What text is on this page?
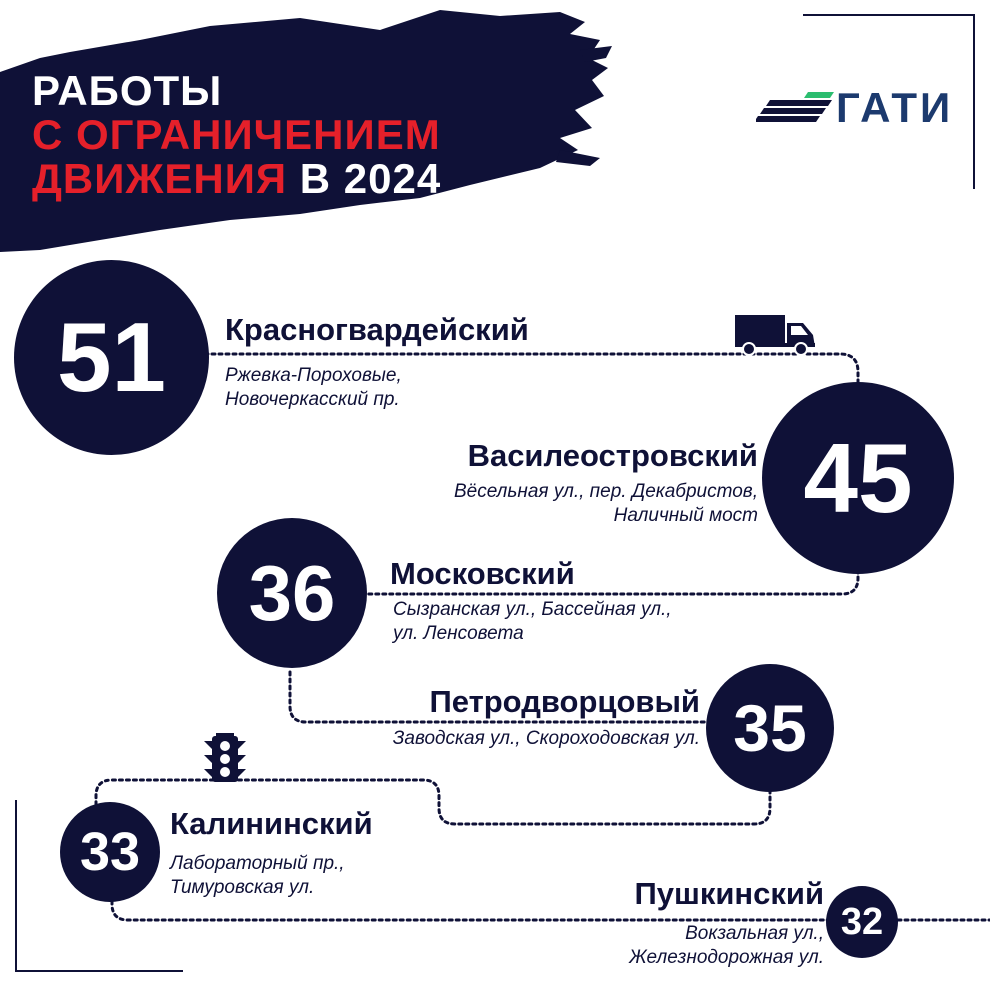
РАБОТЫ
С ОГРАНИЧЕНИЕМ
ДВИЖЕНИЯ В 2024
ГАТИ
51 Красногвардейский
Ржевка-Пороховые,
Новочеркасский пр.
45
Василеостровский
Вёсельная ул., пер. Декабристов,
Наличный мост
36 Московский
Сызранская ул., Бассейная ул.,
ул. Ленсовета
35
Петродворцовый
Заводская ул., Скороходовская ул.
33 Калининский
Лабораторный пр.,
Тимуровская ул.
32
Пушкинский
Вокзальная ул.,
Железнодорожная ул.
